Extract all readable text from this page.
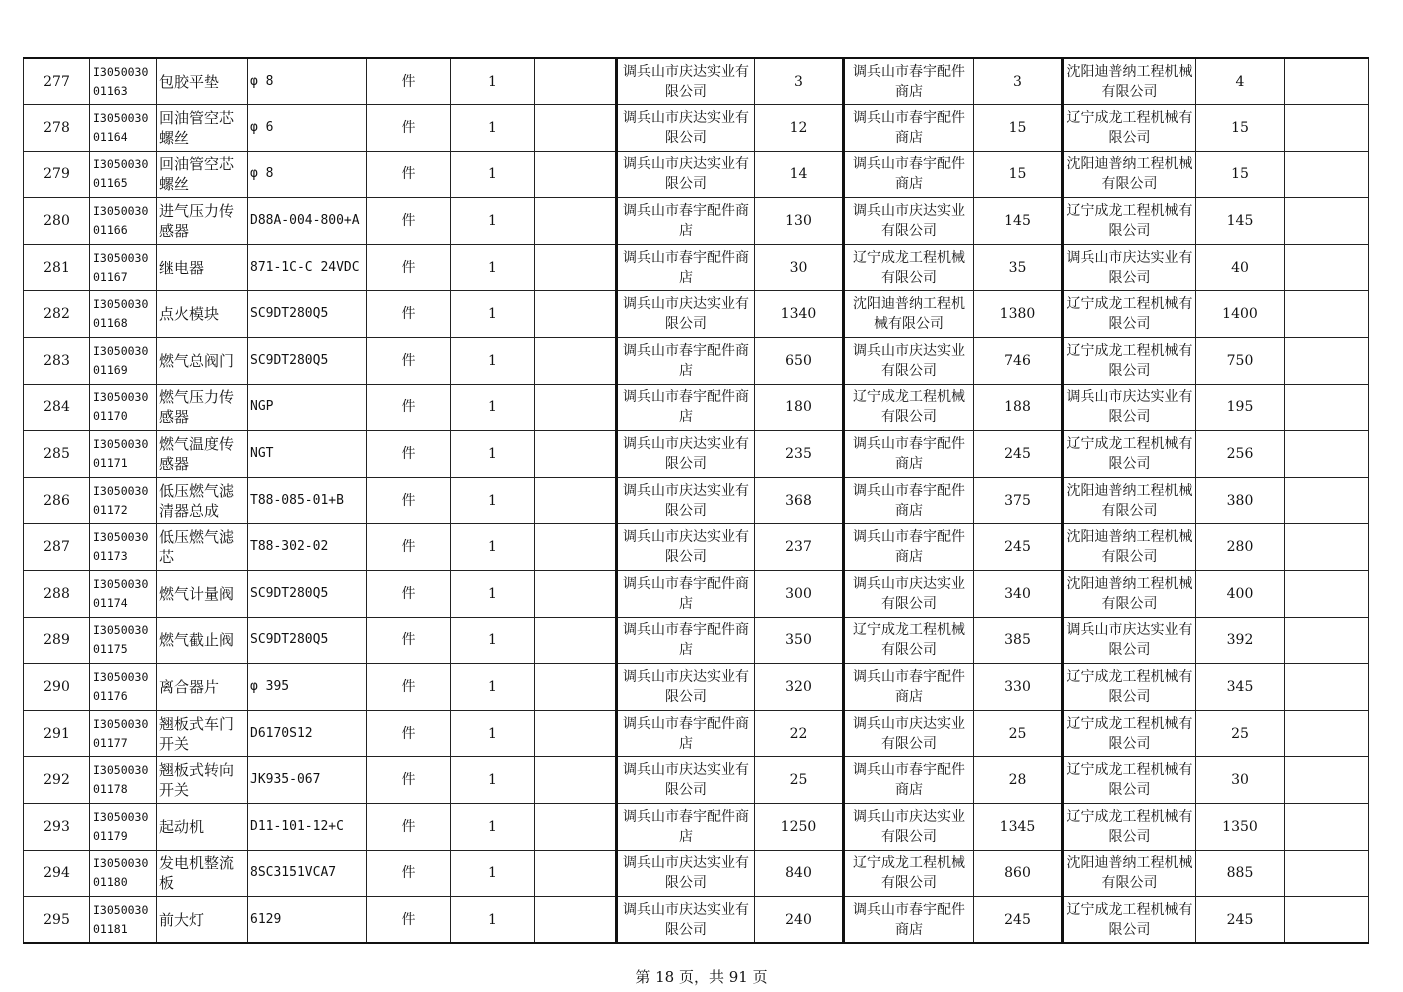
277	I3050030 01163	包胶平垫	φ 8	件	1		调兵山市庆达实业有限公司	3	调兵山市春宇配件商店	3	沈阳迪普纳工程机械有限公司	4	
278	I3050030 01164	回油管空芯螺丝	φ 6	件	1		调兵山市庆达实业有限公司	12	调兵山市春宇配件商店	15	辽宁成龙工程机械有限公司	15	
279	I3050030 01165	回油管空芯螺丝	φ 8	件	1		调兵山市庆达实业有限公司	14	调兵山市春宇配件商店	15	沈阳迪普纳工程机械有限公司	15	
280	I3050030 01166	进气压力传感器	D88A-004-800+A	件	1		调兵山市春宇配件商店	130	调兵山市庆达实业有限公司	145	辽宁成龙工程机械有限公司	145	
281	I3050030 01167	继电器	871-1C-C 24VDC	件	1		调兵山市春宇配件商店	30	辽宁成龙工程机械有限公司	35	调兵山市庆达实业有限公司	40	
282	I3050030 01168	点火模块	SC9DT280Q5	件	1		调兵山市庆达实业有限公司	1340	沈阳迪普纳工程机械有限公司	1380	辽宁成龙工程机械有限公司	1400	
283	I3050030 01169	燃气总阀门	SC9DT280Q5	件	1		调兵山市春宇配件商店	650	调兵山市庆达实业有限公司	746	辽宁成龙工程机械有限公司	750	
284	I3050030 01170	燃气压力传感器	NGP	件	1		调兵山市春宇配件商店	180	辽宁成龙工程机械有限公司	188	调兵山市庆达实业有限公司	195	
285	I3050030 01171	燃气温度传感器	NGT	件	1		调兵山市庆达实业有限公司	235	调兵山市春宇配件商店	245	辽宁成龙工程机械有限公司	256	
286	I3050030 01172	低压燃气滤清器总成	T88-085-01+B	件	1		调兵山市庆达实业有限公司	368	调兵山市春宇配件商店	375	沈阳迪普纳工程机械有限公司	380	
287	I3050030 01173	低压燃气滤芯	T88-302-02	件	1		调兵山市庆达实业有限公司	237	调兵山市春宇配件商店	245	沈阳迪普纳工程机械有限公司	280	
288	I3050030 01174	燃气计量阀	SC9DT280Q5	件	1		调兵山市春宇配件商店	300	调兵山市庆达实业有限公司	340	沈阳迪普纳工程机械有限公司	400	
289	I3050030 01175	燃气截止阀	SC9DT280Q5	件	1		调兵山市春宇配件商店	350	辽宁成龙工程机械有限公司	385	调兵山市庆达实业有限公司	392	
290	I3050030 01176	离合器片	φ 395	件	1		调兵山市庆达实业有限公司	320	调兵山市春宇配件商店	330	辽宁成龙工程机械有限公司	345	
291	I3050030 01177	翘板式车门开关	D6170S12	件	1		调兵山市春宇配件商店	22	调兵山市庆达实业有限公司	25	辽宁成龙工程机械有限公司	25	
292	I3050030 01178	翘板式转向开关	JK935-067	件	1		调兵山市庆达实业有限公司	25	调兵山市春宇配件商店	28	辽宁成龙工程机械有限公司	30	
293	I3050030 01179	起动机	D11-101-12+C	件	1		调兵山市春宇配件商店	1250	调兵山市庆达实业有限公司	1345	辽宁成龙工程机械有限公司	1350	
294	I3050030 01180	发电机整流板	8SC3151VCA7	件	1		调兵山市庆达实业有限公司	840	辽宁成龙工程机械有限公司	860	沈阳迪普纳工程机械有限公司	885	
295	I3050030 01181	前大灯	6129	件	1		调兵山市庆达实业有限公司	240	调兵山市春宇配件商店	245	辽宁成龙工程机械有限公司	245	
第 18 页，共 91 页
